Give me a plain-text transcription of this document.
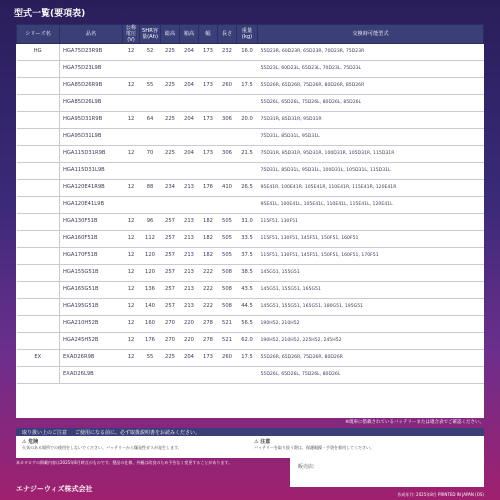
型式一覧(要項表)
シリーズ名	品名	公称電圧(V)	5HR容量(Ah)	総高	箱高	幅	長さ	重量(kg)	交換時可能型式
HG	HGA75D23R9B	12	52	225	204	173	232	16.0	55D23R, 60D23R, 65D23R, 70D23R, 75D23R
	HGA75D23L9B								55D23L, 60D23L, 65D23L, 70D23L, 75D23L
	HGA85D26R9B	12	55	225	204	173	260	17.5	55D26R, 65D26R, 75D26R, 80D26R, 85D26R
	HGA85D26L9B								55D26L, 65D26L, 75D26L, 80D26L, 85D26L
	HGA95D31R9B	12	64	225	204	173	306	20.0	75D31R, 85D31R, 95D31R
	HGA95D31L9B								75D31L, 85D31L, 95D31L
	HGA115D31R9B	12	70	225	204	173	306	21.5	75D31R, 85D31R, 95D31R, 100D31R, 105D31R, 115D31R
	HGA115D31L9B								75D31L, 85D31L, 95D31L, 100D31L, 105D31L, 115D31L
	HGA120E41R9B	12	88	234	213	176	410	26.5	95E41R, 100E41R, 105E41R, 110E41R, 115E41R, 120E41R
	HGA120E41L9B								95E41L, 100E41L, 105E41L, 110E41L, 115E41L, 120E41L
	HGA130F51B	12	96	257	213	182	505	31.0	115F51, 130F51
	HGA160F51B	12	112	257	213	182	505	33.5	115F51, 130F51, 145F51, 150F51, 160F51
	HGA170F51B	12	120	257	213	182	505	37.5	115F51, 130F51, 145F51, 150F51, 160F51, 170F51
	HGA155G51B	12	120	257	213	222	508	38.5	145G51, 155G51
	HGA165G51B	12	136	257	213	222	508	43.5	145G51, 155G51, 165G51
	HGA195G51B	12	140	257	213	222	508	44.5	145G51, 155G51, 165G51, 180G51, 195G51
	HGA210H52B	12	160	270	220	278	521	56.5	190H52, 210H52
	HGA245H52B	12	176	270	220	278	521	62.0	190H52, 210H52, 225H52, 245H52
EX	EXAD26R9B	12	55	225	204	173	260	17.5	55D26R, 65D26R, 75D26R, 80D26R
	EXAD26L9B								55D26L, 65D26L, 75D26L, 80D26L
※現車に搭載されているバッテリーまたは適合表でご確認ください。
取り扱い上のご注意 ご使用になる前に、必ず取扱説明書をお読みください。
⚠ 危険
火気のある場所での使用をしないでください。バッテリーから爆発性ガスが発生します。
⚠ 注意
バッテリーを取り扱う際は、保護眼鏡・手袋を着用してください。
本カタログの掲載内容は2025年8月時点のものです。製品の仕様、外観は改良のため予告なく変更することがあります。
エナジーウィズ株式会社
販売店:
作成年月: 2025年8月 PRINTED IN JAPAN (OS)
